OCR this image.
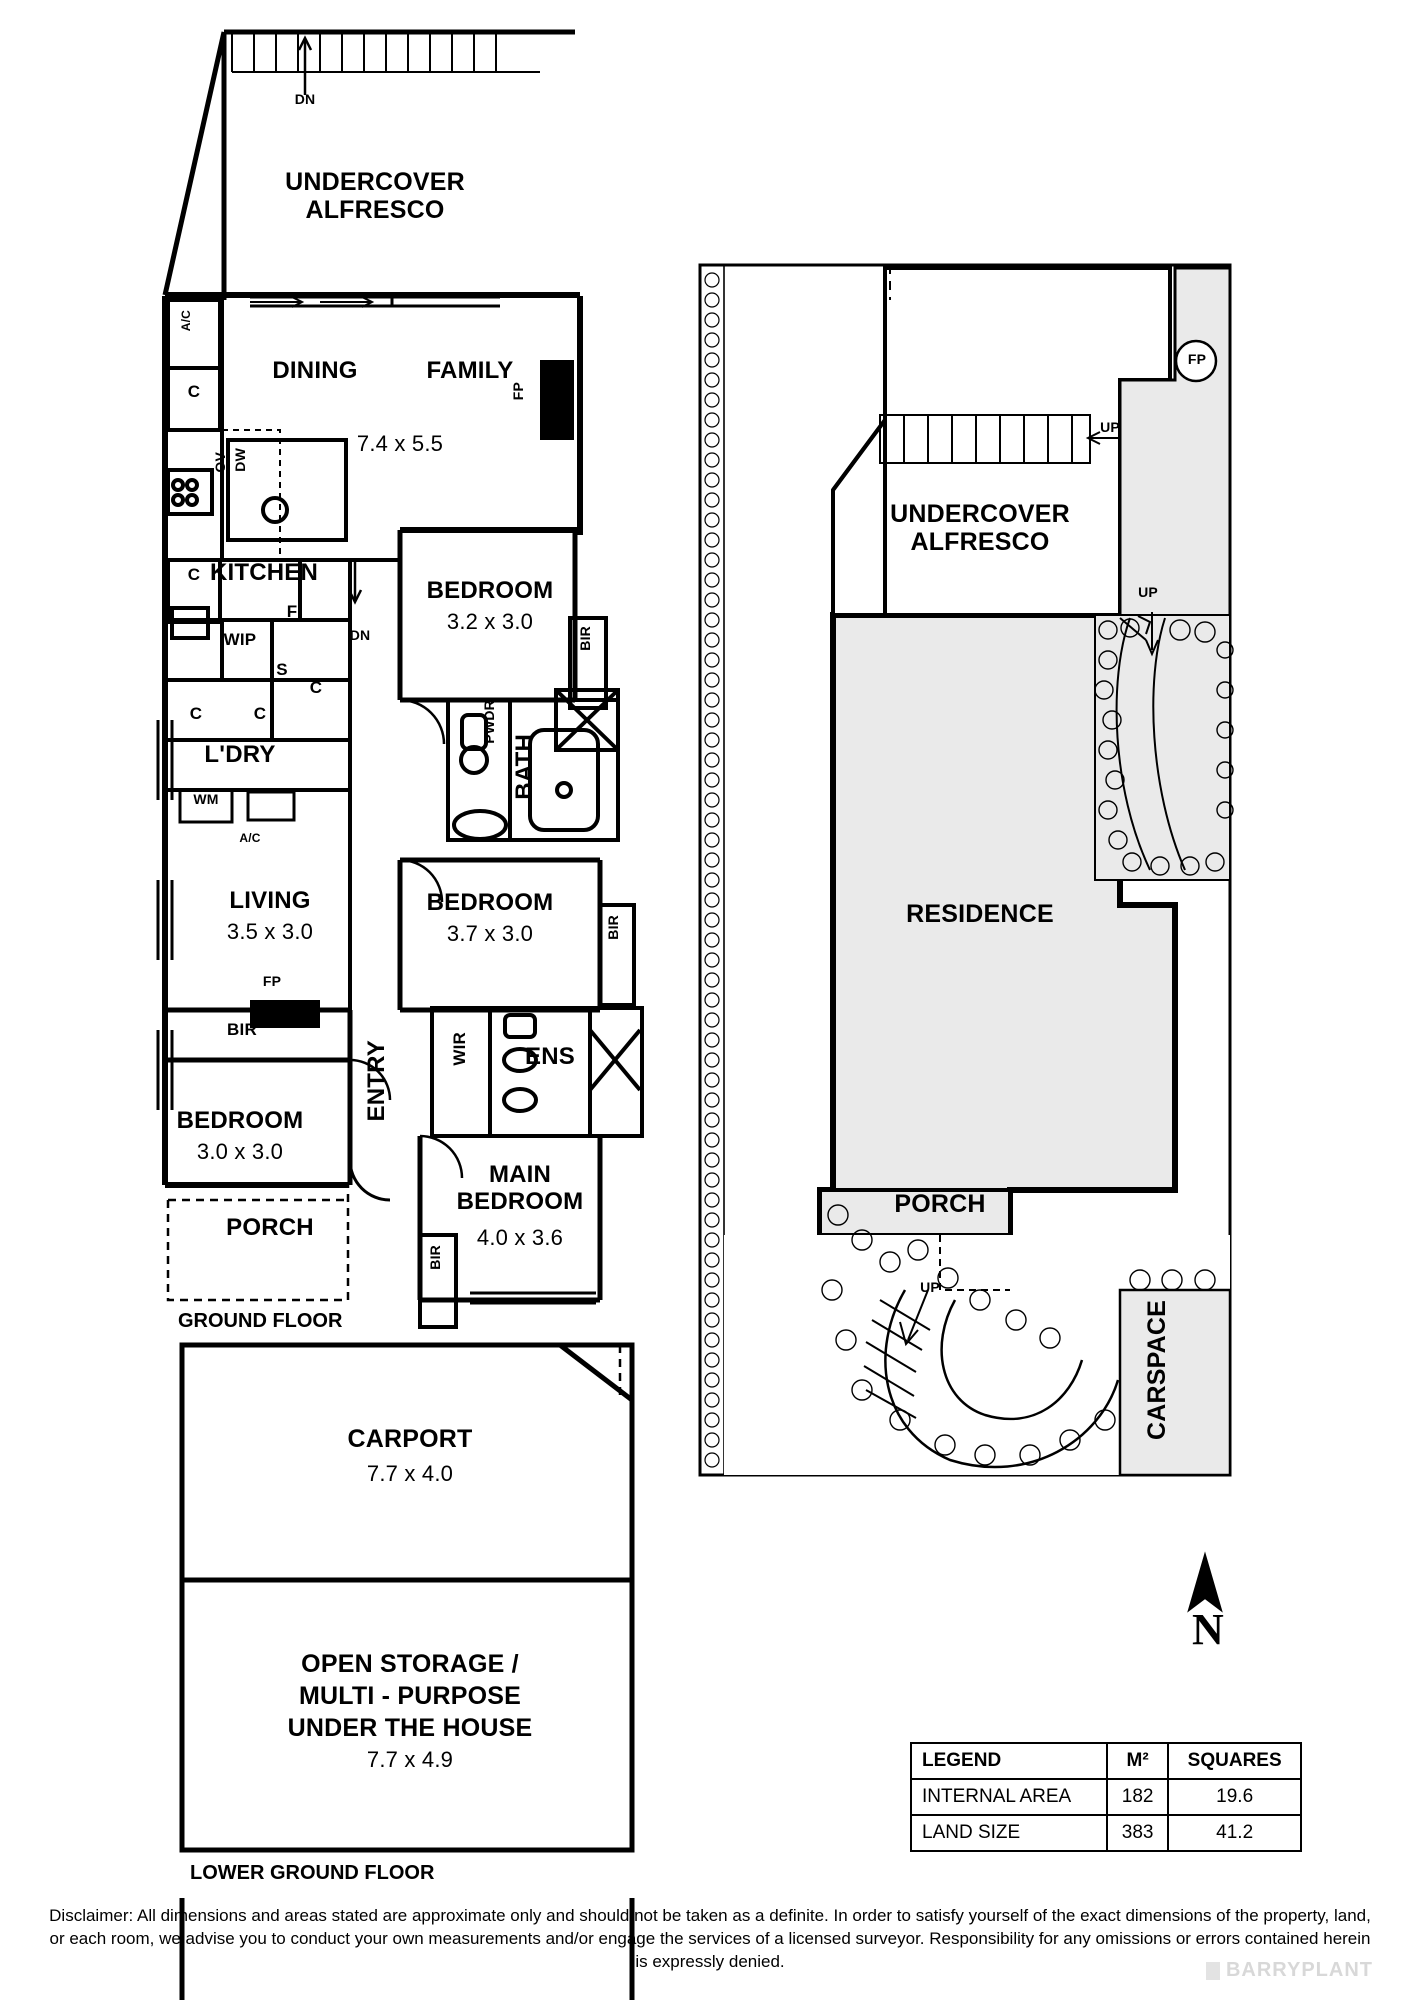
DN
UNDERCOVER
ALFRESCO
A/C
C
DINING	FAMILY
7.4 x 5.5
FP
DW
OV
C KITCHEN
WIP
F
S
C
C	C
DN
L'DRY
WM
A/C
BEDROOM
3.2 x 3.0
BIR
PWDR
BATH
LIVING
3.5 x 3.0
FP
BIR
BEDROOM
3.7 x 3.0	BIR
WIR	ENS
BEDROOM
3.0 x 3.0
ENTRY
MAIN
BEDROOM
4.0 x 3.6
BIR
PORCH
GROUND FLOOR
CARPORT
7.7 x 4.0
OPEN STORAGE /
MULTI - PURPOSE
UNDER THE HOUSE
7.7 x 4.9
LOWER GROUND FLOOR
UNDERCOVER
ALFRESCO
RESIDENCE
PORCH
CARSPACE
FP
UP
UP
UP
N
LEGEND	M²	SQUARES
INTERNAL AREA	182	19.6
LAND SIZE	383	41.2
Disclaimer: All dimensions and areas stated are approximate only and should not be taken as a definite. In order to satisfy yourself of the exact dimensions of the property, land, or each room, we advise you to conduct your own measurements and/or engage the services of a licensed surveyor. Responsibility for any omissions or errors contained herein is expressly denied.	BARRYPLANT
